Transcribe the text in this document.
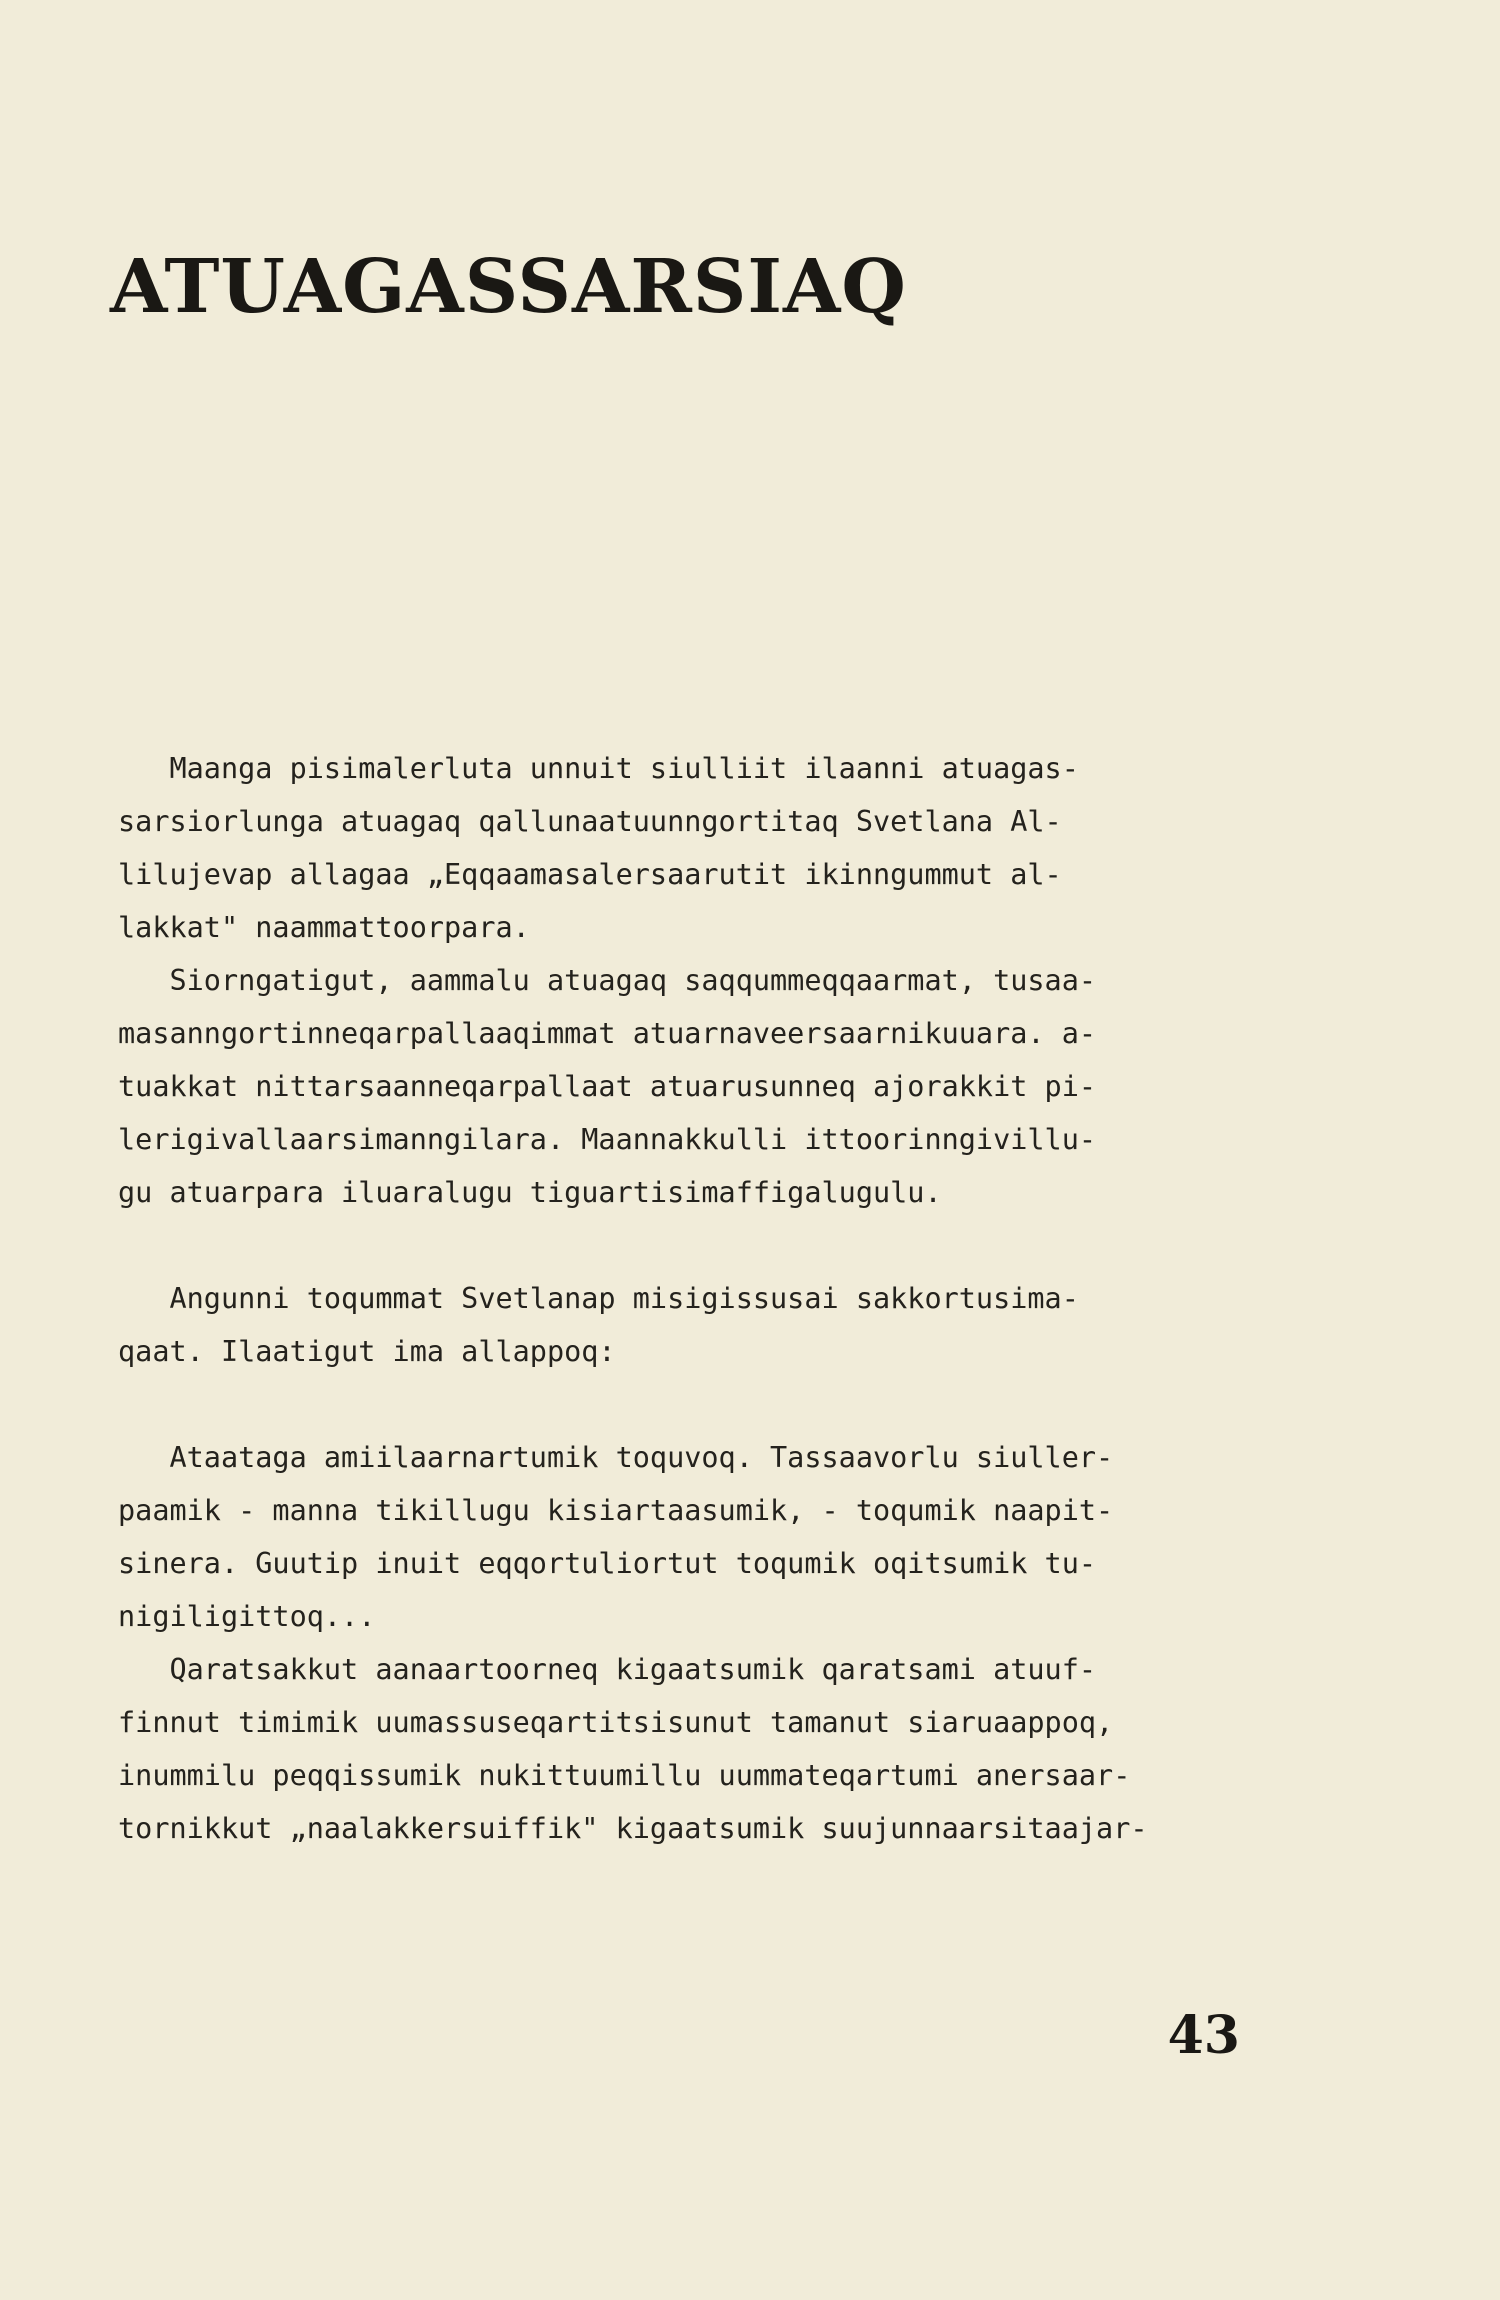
ATUAGASSARSIAQ
Maanga pisimalerluta unnuit siulliit ilaanni atuagas-
sarsiorlunga atuagaq qallunaatuunngortitaq Svetlana Al-
lilujevap allagaa „Eqqaamasalersaarutit ikinngummut al-
lakkat" naammattoorpara.
Siorngatigut, aammalu atuagaq saqqummeqqaarmat, tusaa-
masanngortinneqarpallaaqimmat atuarnaveersaarnikuuara. a-
tuakkat nittarsaanneqarpallaat atuarusunneq ajorakkit pi-
lerigivallaarsimanngilara. Maannakkulli ittoorinngivillu-
gu atuarpara iluaralugu tiguartisimaffigalugulu.
Angunni toqummat Svetlanap misigissusai sakkortusima-
qaat. Ilaatigut ima allappoq:
Ataataga amiilaarnartumik toquvoq. Tassaavorlu siuller-
paamik - manna tikillugu kisiartaasumik, - toqumik naapit-
sinera. Guutip inuit eqqortuliortut toqumik oqitsumik tu-
nigiligittoq...
Qaratsakkut aanaartoorneq kigaatsumik qaratsami atuuf-
finnut timimik uumassuseqartitsisunut tamanut siaruaappoq,
inummilu peqqissumik nukittuumillu uummateqartumi anersaar-
tornikkut „naalakkersuiffik" kigaatsumik suujunnaarsitaajar-
43
